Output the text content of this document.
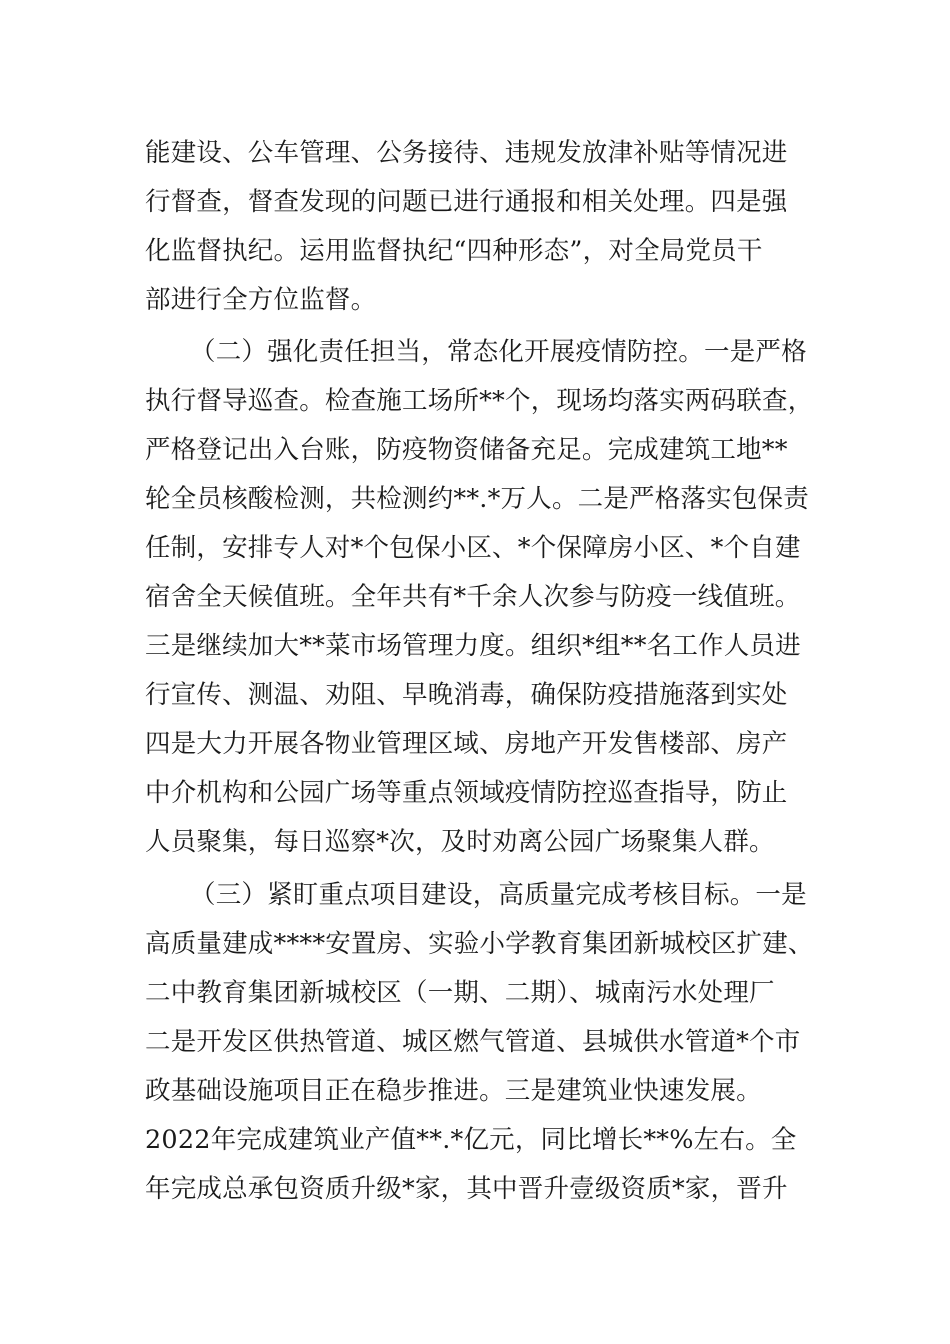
能建设、公车管理、公务接待、违规发放津补贴等情况进
行督查，督查发现的问题已进行通报和相关处理。四是强
化监督执纪。运用监督执纪“四种形态”，对全局党员干
部进行全方位监督。
（二）强化责任担当，常态化开展疫情防控。一是严格
执行督导巡查。检查施工场所**个，现场均落实两码联查，
严格登记出入台账，防疫物资储备充足。完成建筑工地**
轮全员核酸检测，共检测约**.*万人。二是严格落实包保责
任制，安排专人对*个包保小区、*个保障房小区、*个自建
宿舍全天候值班。全年共有*千余人次参与防疫一线值班。
三是继续加大**菜市场管理力度。组织*组**名工作人员进
行宣传、测温、劝阻、早晚消毒，确保防疫措施落到实处
四是大力开展各物业管理区域、房地产开发售楼部、房产
中介机构和公园广场等重点领域疫情防控巡查指导，防止
人员聚集，每日巡察*次，及时劝离公园广场聚集人群。
（三）紧盯重点项目建设，高质量完成考核目标。一是
高质量建成****安置房、实验小学教育集团新城校区扩建、
二中教育集团新城校区（一期、二期）、城南污水处理厂
二是开发区供热管道、城区燃气管道、县城供水管道*个市
政基础设施项目正在稳步推进。三是建筑业快速发展。
2022年完成建筑业产值**.*亿元，同比增长**%左右。全
年完成总承包资质升级*家，其中晋升壹级资质*家，晋升
